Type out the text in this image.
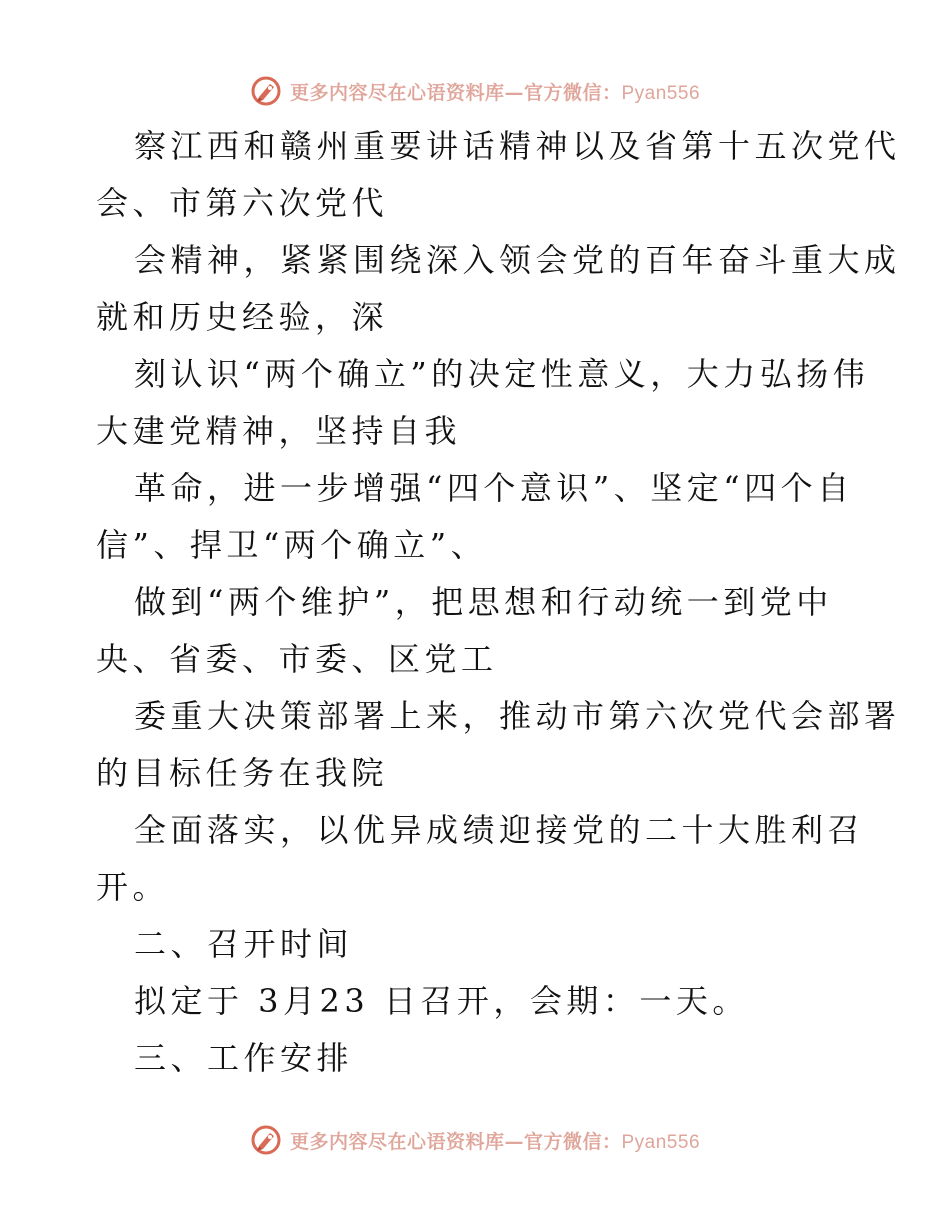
更多内容尽在心语资料库—官方微信：Pyan556
察江西和赣州重要讲话精神以及省第十五次党代
会、市第六次党代
会精神，紧紧围绕深入领会党的百年奋斗重大成
就和历史经验，深
刻认识“两个确立”的决定性意义，大力弘扬伟
大建党精神，坚持自我
革命，进一步增强“四个意识”、坚定“四个自
信”、捍卫“两个确立”、
做到“两个维护”，把思想和行动统一到党中
央、省委、市委、区党工
委重大决策部署上来，推动市第六次党代会部署
的目标任务在我院
全面落实，以优异成绩迎接党的二十大胜利召
开。
二、召开时间
拟定于 3月23 日召开，会期：一天。
三、工作安排
更多内容尽在心语资料库—官方微信：Pyan556
